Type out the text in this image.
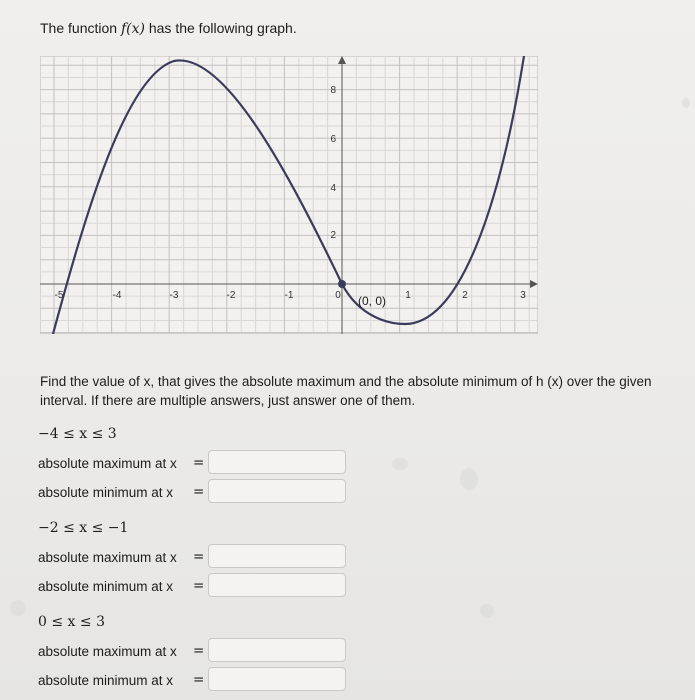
The function f(x) has the following graph.
-5	-4	-3	-2	-1	0	1	2	3
2
4
6
8
(0, 0)
Find the value of x, that gives the absolute maximum and the absolute minimum of h (x) over the given interval. If there are multiple answers, just answer one of them.
−4 ≤ x ≤ 3
absolute maximum at x =
absolute minimum at x =
−2 ≤ x ≤ −1
absolute maximum at x =
absolute minimum at x =
0 ≤ x ≤ 3
absolute maximum at x =
absolute minimum at x =
